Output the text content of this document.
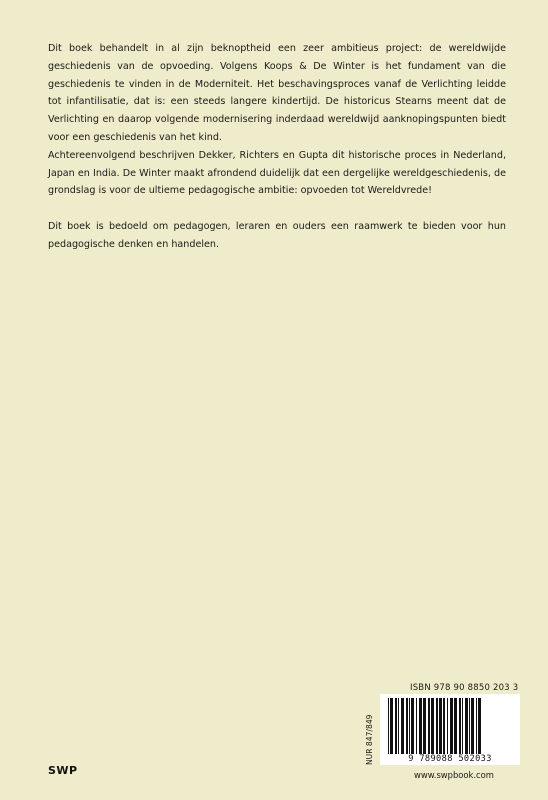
Dit boek behandelt in al zijn beknoptheid een zeer ambitieus project: de wereldwijde geschiedenis van de opvoeding. Volgens Koops & De Winter is het fundament van die geschiedenis te vinden in de Moderniteit. Het beschavingsproces vanaf de Verlichting leidde tot infantilisatie, dat is: een steeds langere kindertijd. De historicus Stearns meent dat de Verlichting en daarop volgende modernisering inderdaad wereldwijd aanknopingspunten biedt voor een geschiedenis van het kind.

Achtereenvolgend beschrijven Dekker, Richters en Gupta dit historische proces in Nederland, Japan en India. De Winter maakt afrondend duidelijk dat een dergelijke wereldgeschiedenis, de grondslag is voor de ultieme pedagogische ambitie: opvoeden tot Wereldvrede!

Dit boek is bedoeld om pedagogen, leraren en ouders een raamwerk te bieden voor hun pedagogische denken en handelen.

SWP
ISBN 978 90 8850 203 3
NUR 847/849	9 789088 502033
www.swpbook.com
